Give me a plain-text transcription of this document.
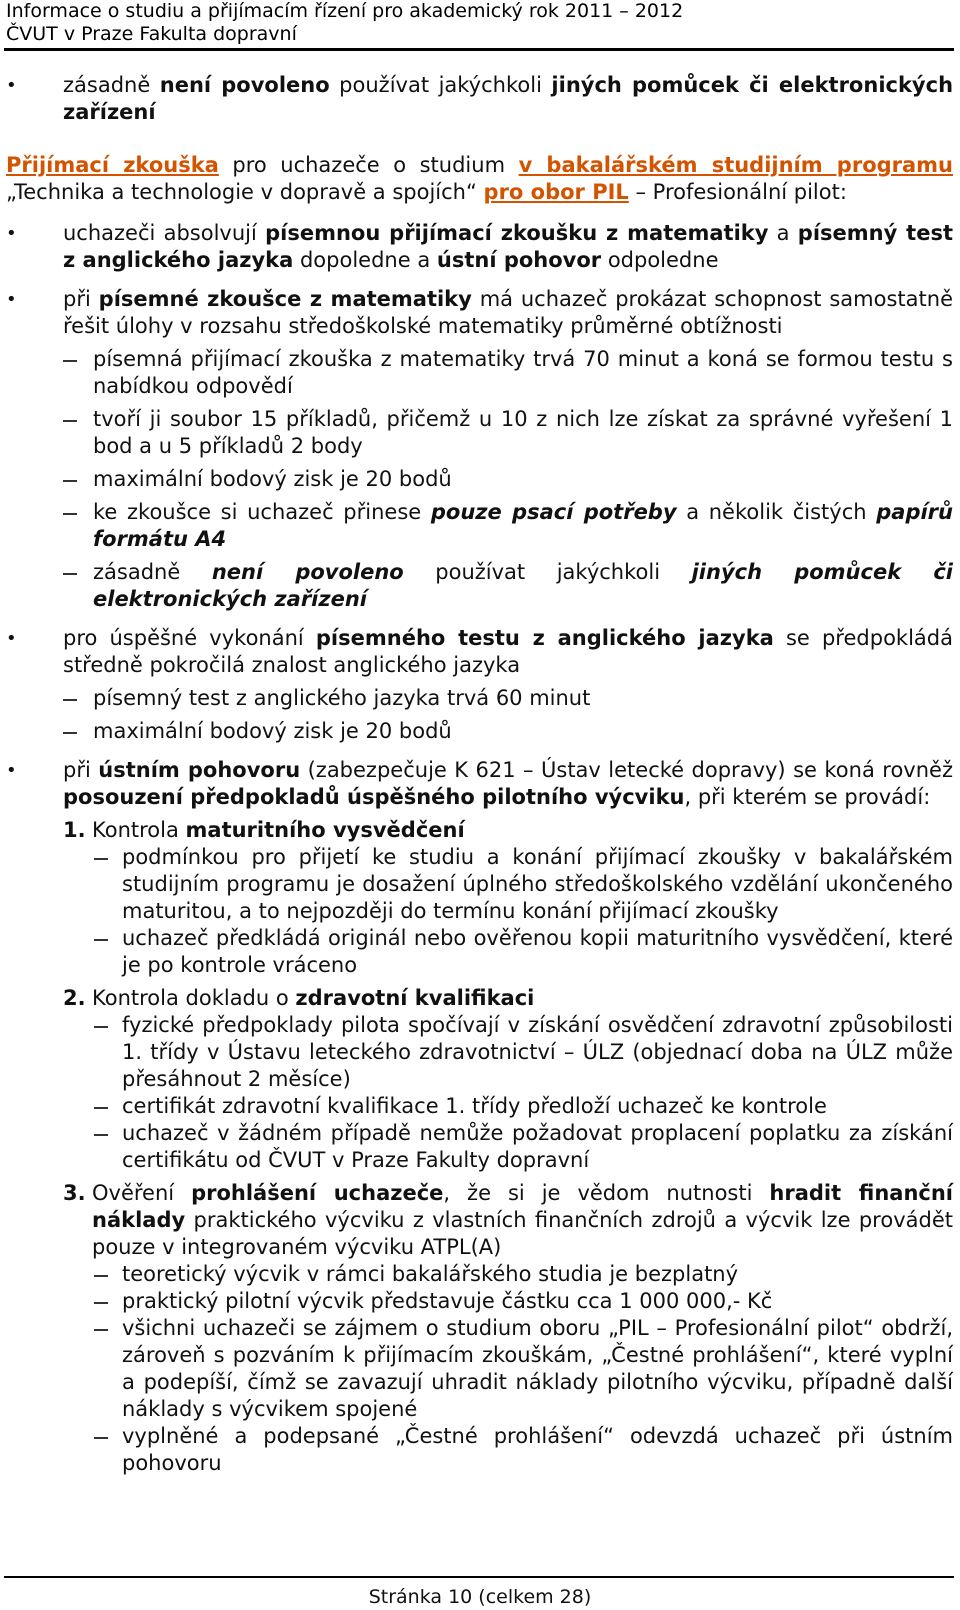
Informace o studiu a přijímacím řízení pro akademický rok 2011 – 2012
ČVUT v Praze Fakulta dopravní
• zásadně není povoleno používat jakýchkoli jiných pomůcek či elektronických zařízení
Přijímací zkouška pro uchazeče o studium v bakalářském studijním programu „Technika a technologie v dopravě a spojích“ pro obor PIL – Profesionální pilot:
• uchazeči absolvují písemnou přijímací zkoušku z matematiky a písemný test z anglického jazyka dopoledne a ústní pohovor odpoledne
• při písemné zkoušce z matematiky má uchazeč prokázat schopnost samostatně řešit úlohy v rozsahu středoškolské matematiky průměrné obtížnosti
písemná přijímací zkouška z matematiky trvá 70 minut a koná se formou testu s nabídkou odpovědí
tvoří ji soubor 15 příkladů, přičemž u 10 z nich lze získat za správné vyřešení 1 bod a u 5 příkladů 2 body
maximální bodový zisk je 20 bodů
ke zkoušce si uchazeč přinese pouze psací potřeby a několik čistých papírů formátu A4
zásadně není povoleno používat jakýchkoli jiných pomůcek či elektronických zařízení
• pro úspěšné vykonání písemného testu z anglického jazyka se předpokládá středně pokročilá znalost anglického jazyka
písemný test z anglického jazyka trvá 60 minut
maximální bodový zisk je 20 bodů
• při ústním pohovoru (zabezpečuje K 621 – Ústav letecké dopravy) se koná rovněž posouzení předpokladů úspěšného pilotního výcviku, při kterém se provádí:
1. Kontrola maturitního vysvědčení
podmínkou pro přijetí ke studiu a konání přijímací zkoušky v bakalářském studijním programu je dosažení úplného středoškolského vzdělání ukončeného maturitou, a to nejpozději do termínu konání přijímací zkoušky
uchazeč předkládá originál nebo ověřenou kopii maturitního vysvědčení, které je po kontrole vráceno
2. Kontrola dokladu o zdravotní kvalifikaci
fyzické předpoklady pilota spočívají v získání osvědčení zdravotní způsobilosti 1. třídy v Ústavu leteckého zdravotnictví – ÚLZ (objednací doba na ÚLZ může přesáhnout 2 měsíce)
certifikát zdravotní kvalifikace 1. třídy předloží uchazeč ke kontrole
uchazeč v žádném případě nemůže požadovat proplacení poplatku za získání certifikátu od ČVUT v Praze Fakulty dopravní
3. Ověření prohlášení uchazeče, že si je vědom nutnosti hradit finanční náklady praktického výcviku z vlastních finančních zdrojů a výcvik lze provádět pouze v integrovaném výcviku ATPL(A)
teoretický výcvik v rámci bakalářského studia je bezplatný
praktický pilotní výcvik představuje částku cca 1 000 000,- Kč
všichni uchazeči se zájmem o studium oboru „PIL – Profesionální pilot“ obdrží, zároveň s pozváním k přijímacím zkouškám, „Čestné prohlášení“, které vyplní a podepíší, čímž se zavazují uhradit náklady pilotního výcviku, případně další náklady s výcvikem spojené
vyplněné a podepsané „Čestné prohlášení“ odevzdá uchazeč při ústním pohovoru
Stránka 10 (celkem 28)
